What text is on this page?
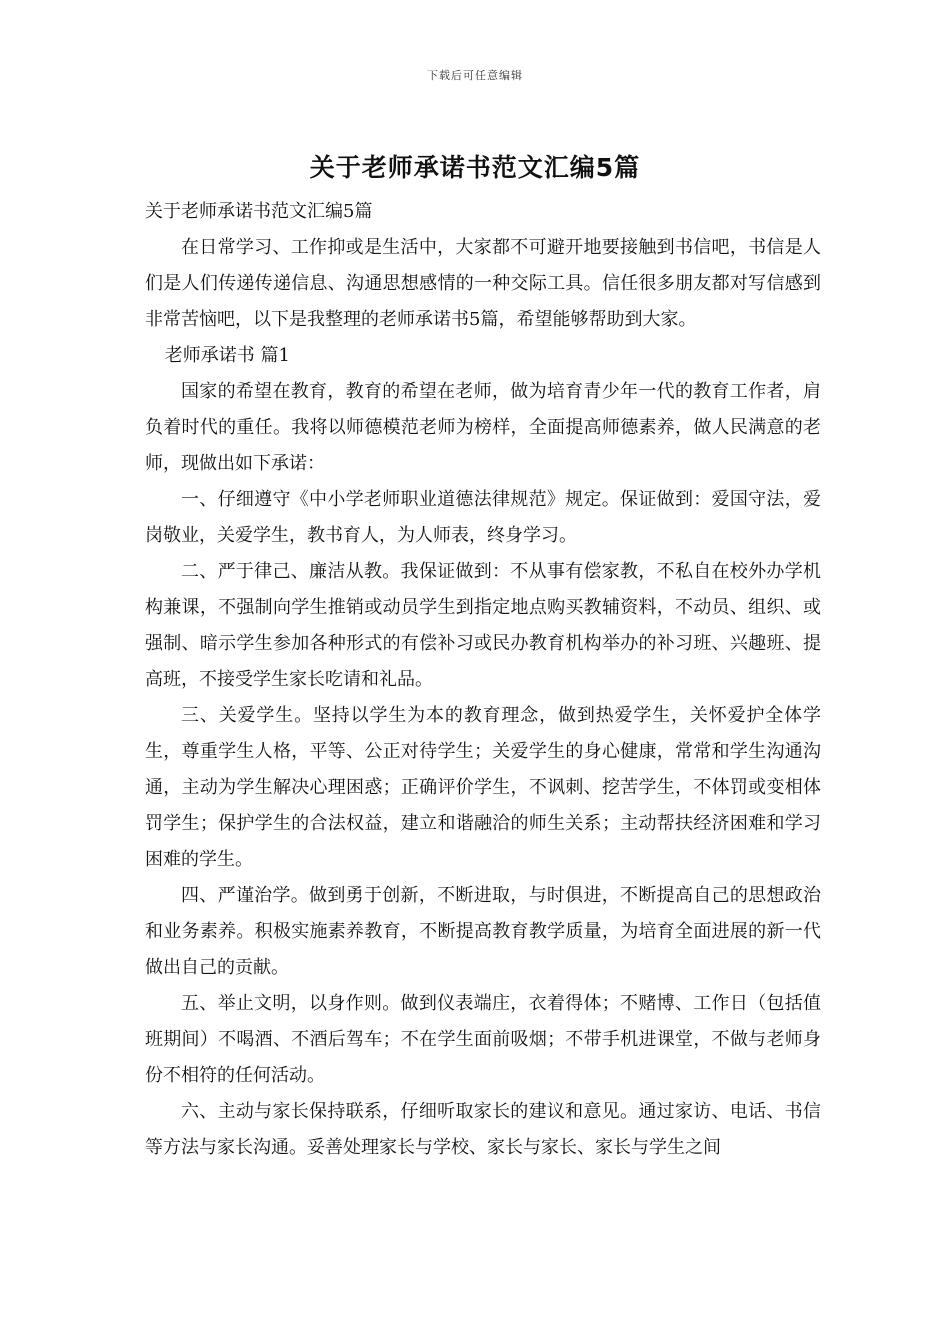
下载后可任意编辑
关于老师承诺书范文汇编5篇

关于老师承诺书范文汇编5篇

在日常学习、工作抑或是生活中，大家都不可避开地要接触到书信吧，书信是人们是人们传递传递信息、沟通思想感情的一种交际工具。信任很多朋友都对写信感到非常苦恼吧，以下是我整理的老师承诺书5篇，希望能够帮助到大家。

老师承诺书 篇1

国家的希望在教育，教育的希望在老师，做为培育青少年一代的教育工作者，肩负着时代的重任。我将以师德模范老师为榜样，全面提高师德素养，做人民满意的老师，现做出如下承诺：

一、仔细遵守《中小学老师职业道德法律规范》规定。保证做到：爱国守法，爱岗敬业，关爱学生，教书育人，为人师表，终身学习。

二、严于律己、廉洁从教。我保证做到：不从事有偿家教，不私自在校外办学机构兼课，不强制向学生推销或动员学生到指定地点购买教辅资料，不动员、组织、或强制、暗示学生参加各种形式的有偿补习或民办教育机构举办的补习班、兴趣班、提高班，不接受学生家长吃请和礼品。

三、关爱学生。坚持以学生为本的教育理念，做到热爱学生，关怀爱护全体学生，尊重学生人格，平等、公正对待学生；关爱学生的身心健康，常常和学生沟通沟通，主动为学生解决心理困惑；正确评价学生，不讽刺、挖苦学生，不体罚或变相体罚学生；保护学生的合法权益，建立和谐融洽的师生关系；主动帮扶经济困难和学习困难的学生。

四、严谨治学。做到勇于创新，不断进取，与时俱进，不断提高自己的思想政治和业务素养。积极实施素养教育，不断提高教育教学质量，为培育全面进展的新一代做出自己的贡献。

五、举止文明，以身作则。做到仪表端庄，衣着得体；不赌博、工作日（包括值班期间）不喝酒、不酒后驾车；不在学生面前吸烟；不带手机进课堂，不做与老师身份不相符的任何活动。

六、主动与家长保持联系，仔细听取家长的建议和意见。通过家访、电话、书信等方法与家长沟通。妥善处理家长与学校、家长与家长、家长与学生之间
